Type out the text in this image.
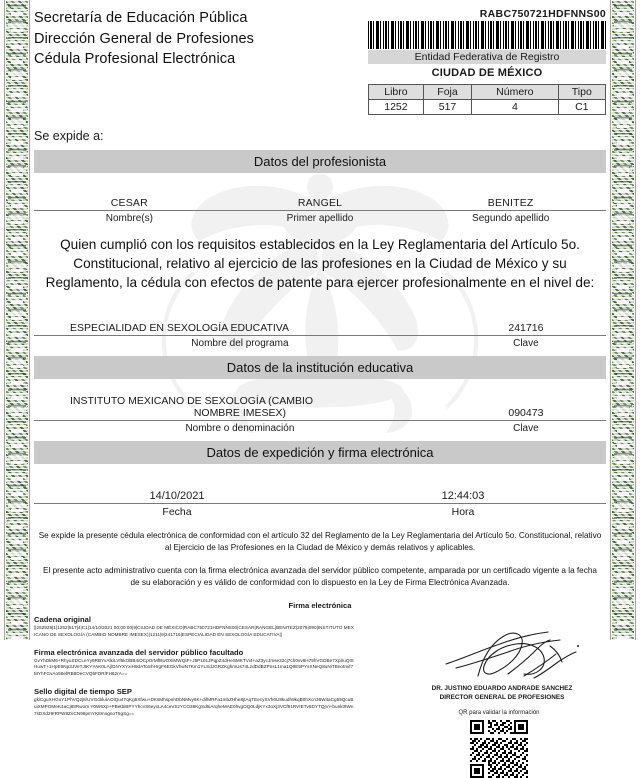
Secretaría de Educación Pública
Dirección General de Profesiones
Cédula Profesional Electrónica
RABC750721HDFNNS00
Entidad Federativa de Registro
CIUDAD DE MÉXICO
Libro	Foja	Número	Tipo
1252	517	4	C1
Se expide a:
Datos del profesionista
CESAR	RANGEL	BENITEZ
Nombre(s)	Primer apellido	Segundo apellido
Quien cumplió con los requisitos establecidos en la Ley Reglamentaria del Artículo 5o. Constitucional, relativo al ejercicio de las profesiones en la Ciudad de México y su Reglamento, la cédula con efectos de patente para ejercer profesionalmente en el nivel de:
ESPECIALIDAD EN SEXOLOGÍA EDUCATIVA	241716
Nombre del programa	Clave
Datos de la institución educativa
INSTITUTO MEXICANO DE SEXOLOGÍA (CAMBIO
NOMBRE IMESEX)	090473
Nombre o denominación	Clave
Datos de expedición y firma electrónica
14/10/2021	12:44:03
Fecha	Hora
Se expide la presente cédula electrónica de conformidad con el artículo 32 del Reglamento de la Ley Reglamentaria del Artículo 5o. Constitucional, relativo al Ejercicio de las Profesiones en la Ciudad de México y demás relativos y aplicables.
El presente acto administrativo cuenta con la firma electrónica avanzada del servidor público competente, amparada por un certificado vigente a la fecha de su elaboración y es válido de conformidad con lo dispuesto en la Ley de Firma Electrónica Avanzada.
Firma electrónica
Cadena original
||252929|1|1252|517|4|C1|14/10/2021 00:00:00|9|CIUDAD DE MÉXICO|RABC750721HDFNNS00|CESAR|RANGEL|BENITEZ|2076|090|INSTITUTO MEXICANO DE SEXOLOGÍA (CAMBIO NOMBRE IMESEX)|1211|9|241716|ESPECIALIDAD EN SEXOLOGÍA EDUCATIVA||
Firma electrónica avanzada del servidor público facultado
GvYhDkM6+RhyuSDCLeYy9RBYvAlkiLVf5kOBB4iOCpOrMfBwOXiMWQtF+J5P101JPqpZ4dHeSMKTVi4+aZ3ycJmse32cj7ch0vv8H79hVGDBe7XplruQtSHuwT+1HpE6Np3JVeTJIKYYAK0LAjlGNYXYxiH9dAToShHrgF6EGkVhwN7Km1YLSdJGRZKghmUs74LzdDdBZPnsL1ma1Q8E5PYsXNeQ8uNiTBnotmif7MYhFGvAo58efRB8DeCVQ5FDRlFH62rA==
Sello digital de tiempo SEP
gkiCguXHGuY1PhVQ2j8/UVGcblulAOlQu4TqKg5Xfwu+DKsMhspnhDbNMvy6K+difMRFa1mbZHhe8jtAqTEecySVh6U8kudh9kqB0hXcn36WitaCg59QcuBuiXMPOMeK4aCj88Rwom Y0W6Xp+PBetbiBPYYhcvS6eyxLA4ceVSzYCO38KgSd6iArqheMAE0hvgOQ0LdjKYx3oXj3VCf91RVIETv6DYTQjVi+bunkt9Wn7sDXd29IRPW8ZoCN98pmYK8mognoT5gSg==
DR. JUSTINO EDUARDO ANDRADE SANCHEZ
DIRECTOR GENERAL DE PROFESIONES
QR para validar la información
